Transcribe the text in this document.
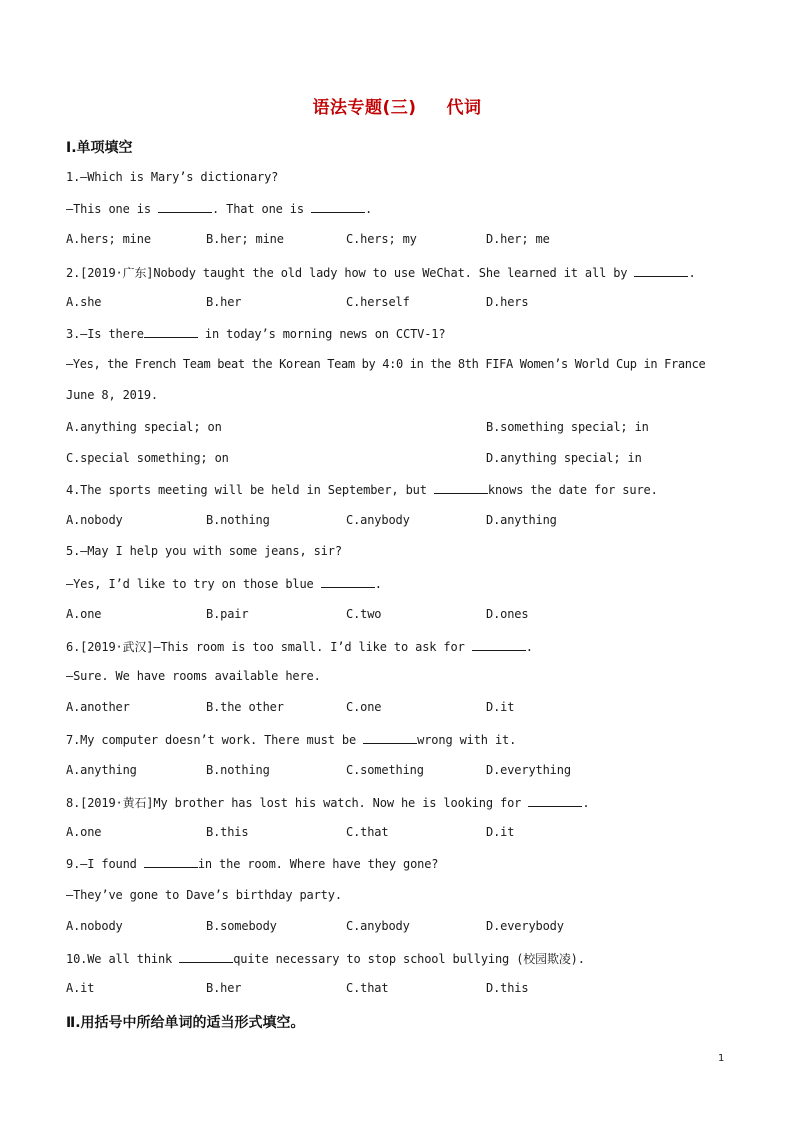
语法专题(三) 代词
Ⅰ.单项填空
1.—Which is Mary’s dictionary?
—This one is	. That one is	.
A.hers; mine	B.her; mine	C.hers; my	D.her; me
2.[2019·广东]Nobody taught the old lady how to use WeChat. She learned it all by	.
A.she	B.her	C.herself	D.hers
3.—Is there	in today’s morning news on CCTV-1?
—Yes, the French Team beat the Korean Team by 4:0 in the 8th FIFA Women’s World Cup in France
June 8, 2019.
A.anything special; on	B.something special; in
C.special something; on	D.anything special; in
4.The sports meeting will be held in September, but	knows the date for sure.
A.nobody	B.nothing	C.anybody	D.anything
5.—May I help you with some jeans, sir?
—Yes, I’d like to try on those blue	.
A.one	B.pair	C.two	D.ones
6.[2019·武汉]—This room is too small. I’d like to ask for	.
—Sure. We have rooms available here.
A.another	B.the other	C.one	D.it
7.My computer doesn’t work. There must be	wrong with it.
A.anything	B.nothing	C.something	D.everything
8.[2019·黄石]My brother has lost his watch. Now he is looking for	.
A.one	B.this	C.that	D.it
9.—I found	in the room. Where have they gone?
—They’ve gone to Dave’s birthday party.
A.nobody	B.somebody	C.anybody	D.everybody
10.We all think	quite necessary to stop school bullying (校园欺凌).
A.it	B.her	C.that	D.this
Ⅱ.用括号中所给单词的适当形式填空。
1
